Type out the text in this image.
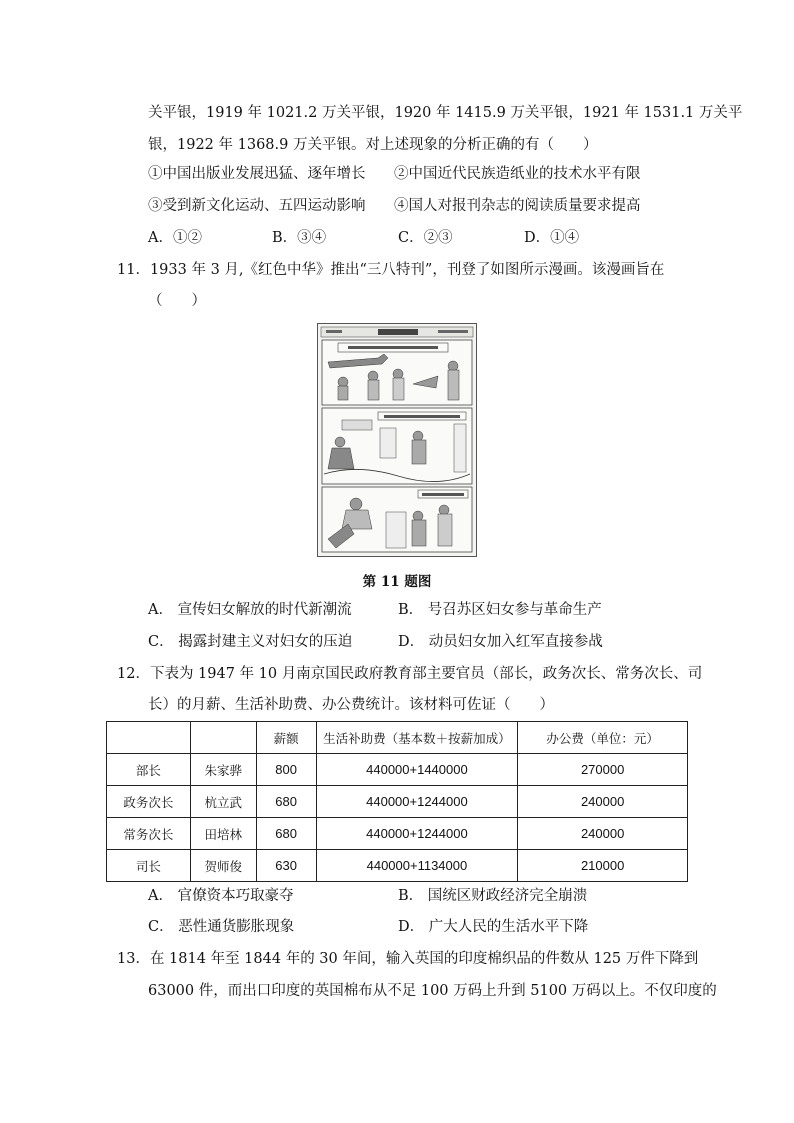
关平银，1919 年 1021.2 万关平银，1920 年 1415.9 万关平银，1921 年 1531.1 万关平
银，1922 年 1368.9 万关平银。对上述现象的分析正确的有（　　）
①中国出版业发展迅猛、逐年增长 ②中国近代民族造纸业的技术水平有限
③受到新文化运动、五四运动影响 ④国人对报刊杂志的阅读质量要求提高
A．①②	B．③④	C．②③	D．①④
11．1933 年 3 月,《红色中华》推出“三八特刊”，刊登了如图所示漫画。该漫画旨在
（　　）
第 11 题图
A． 宣传妇女解放的时代新潮流	B． 号召苏区妇女参与革命生产
C． 揭露封建主义对妇女的压迫	D． 动员妇女加入红军直接参战
12．下表为 1947 年 10 月南京国民政府教育部主要官员（部长，政务次长、常务次长、司
长）的月薪、生活补助费、办公费统计。该材料可佐证（　　）
		薪额	生活补助费（基本数＋按薪加成）	办公费（单位：元）
部长	朱家骅	800	440000+1440000	270000
政务次长	杭立武	680	440000+1244000	240000
常务次长	田培林	680	440000+1244000	240000
司长	贺师俊	630	440000+1134000	210000
A． 官僚资本巧取豪夺	B． 国统区财政经济完全崩溃
C． 恶性通货膨胀现象	D． 广大人民的生活水平下降
13．在 1814 年至 1844 年的 30 年间，输入英国的印度棉织品的件数从 125 万件下降到
63000 件，而出口印度的英国棉布从不足 100 万码上升到 5100 万码以上。不仅印度的
